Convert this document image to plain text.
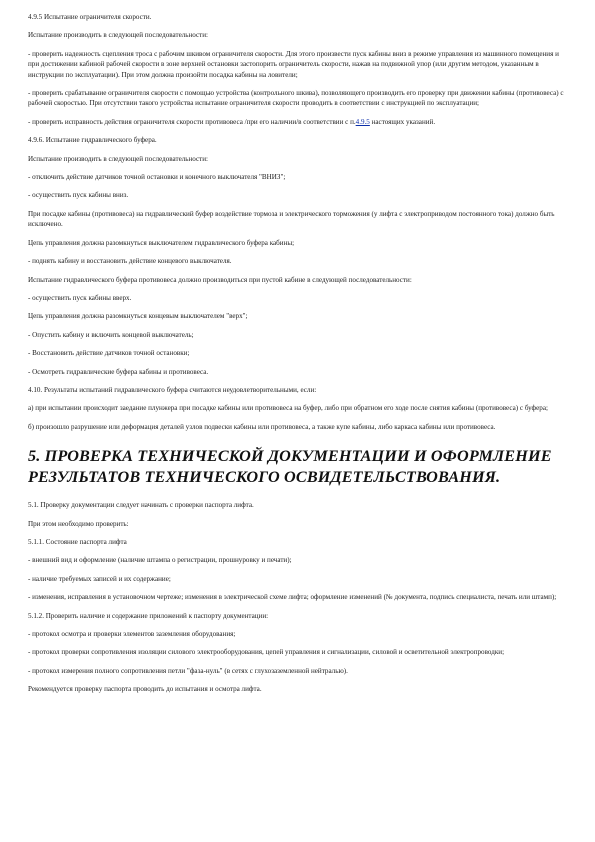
4.9.5 Испытание ограничителя скорости.

Испытание производить в следующей последовательности:

- проверить надежность сцепления троса с рабочим шкивом ограничителя скорости. Для этого произвести пуск кабины вниз в режиме управления из машинного помещения и при достижении кабиной рабочей скорости в зоне верхней остановки застопорить ограничитель скорости, нажав на подвижной упор (или другим методом, указанным в инструкции по эксплуатации). При этом должна произойти посадка кабины на ловители;

- проверить срабатывание ограничителя скорости с помощью устройства (контрольного шкива), позволяющего производить его проверку при движении кабины (противовеса) с рабочей скоростью. При отсутствии такого устройства испытание ограничителя скорости проводить в соответствии с инструкцией по эксплуатации;

- проверить исправность действия ограничителя скорости противовеса /при его наличии/в соответствии с п.4.9.5 настоящих указаний.

4.9.6. Испытание гидравлического буфера.

Испытание производить в следующей последовательности:

- отключить действие датчиков точной остановки и конечного выключателя "ВНИЗ";

- осуществить пуск кабины вниз.

При посадке кабины (противовеса) на гидравлический буфер воздействие тормоза и электрического торможения (у лифта с электроприводом постоянного тока) должно быть исключено.

Цепь управления должна разомкнуться выключателем гидравлического буфера кабины;

- поднять кабину и восстановить действие концевого выключателя.

Испытание гидравлического буфера противовеса должно производиться при пустой кабине в следующей последовательности:

- осуществить пуск кабины вверх.

Цепь управления должна разомкнуться концевым выключателем "верх";

- Опустить кабину и включить концевой выключатель;

- Восстановить действие датчиков точной остановки;

- Осмотреть гидравлические буфера кабины и противовеса.

4.10. Результаты испытаний гидравлического буфера считаются неудовлетворительными, если:

а) при испытании происходит заедание плунжера при посадке кабины или противовеса на буфер, либо при обратном его ходе после снятия кабины (противовеса) с буфера;

б) произошло разрушение или деформация деталей узлов подвески кабины или противовеса, а также купе кабины, либо каркаса кабины или противовеса.

5. ПРОВЕРКА ТЕХНИЧЕСКОЙ ДОКУМЕНТАЦИИ И ОФОРМЛЕНИЕ РЕЗУЛЬТАТОВ ТЕХНИЧЕСКОГО ОСВИДЕТЕЛЬСТВОВАНИЯ.

5.1. Проверку документации следует начинать с проверки паспорта лифта.

При этом необходимо проверить:

5.1.1. Состояние паспорта лифта

- внешний вид и оформление (наличие штампа о регистрации, прошнуровку и печати);

- наличие требуемых записей и их содержание;

- изменения, исправления в установочном чертеже; изменения в электрической схеме лифта; оформление изменений (№ документа, подпись специалиста, печать или штамп);

5.1.2. Проверить наличие и содержание приложений к паспорту документации:

- протокол осмотра и проверки элементов заземления оборудования;

- протокол проверки сопротивления изоляции силового электрооборудования, цепей управления и сигнализации, силовой и осветительной электропроводки;

- протокол измерения полного сопротивления петли "фаза-нуль" (в сетях с глухозаземленной нейтралью).

Рекомендуется проверку паспорта проводить до испытания и осмотра лифта.
